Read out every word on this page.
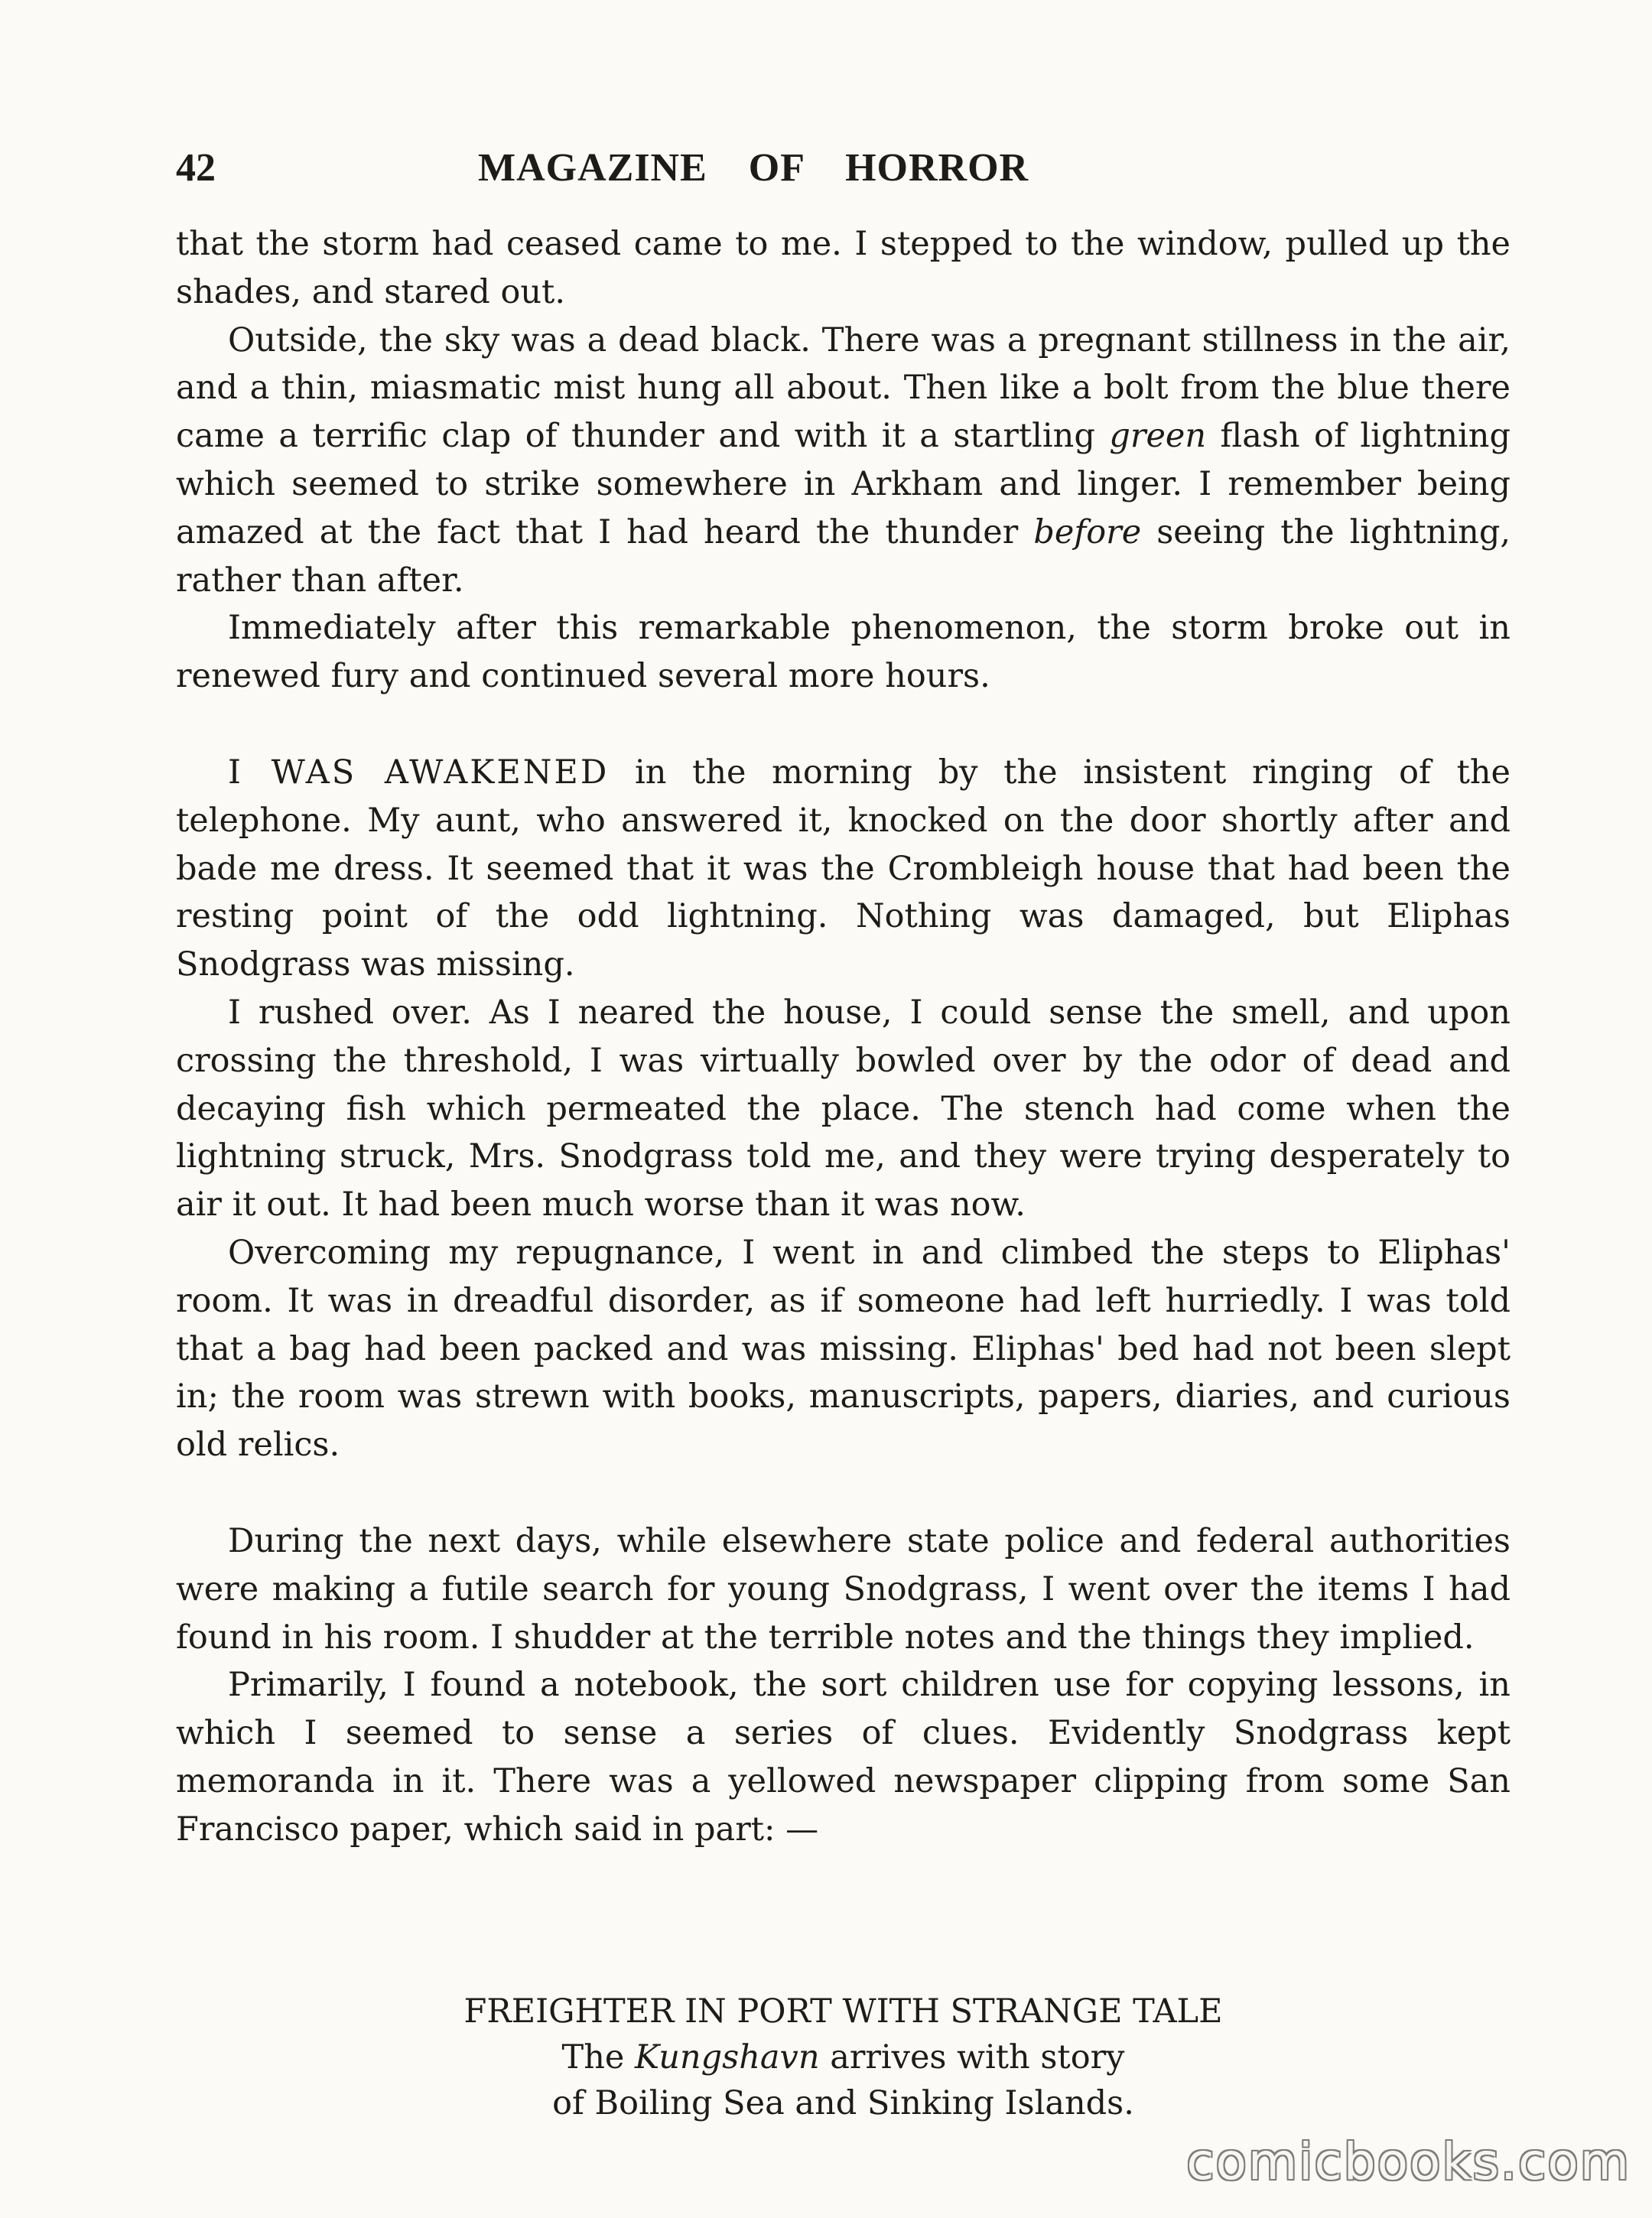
42	MAGAZINE OF HORROR

that the storm had ceased came to me. I stepped to the window, pulled up the shades, and stared out.

Outside, the sky was a dead black. There was a pregnant stillness in the air, and a thin, miasmatic mist hung all about. Then like a bolt from the blue there came a terrific clap of thunder and with it a startling green flash of lightning which seemed to strike somewhere in Arkham and linger. I remember being amazed at the fact that I had heard the thunder before seeing the lightning, rather than after.

Immediately after this remarkable phenomenon, the storm broke out in renewed fury and continued several more hours.

I WAS AWAKENED in the morning by the insistent ringing of the telephone. My aunt, who answered it, knocked on the door shortly after and bade me dress. It seemed that it was the Crombleigh house that had been the resting point of the odd lightning. Nothing was damaged, but Eliphas Snodgrass was missing.

I rushed over. As I neared the house, I could sense the smell, and upon crossing the threshold, I was virtually bowled over by the odor of dead and decaying fish which permeated the place. The stench had come when the lightning struck, Mrs. Snodgrass told me, and they were trying desperately to air it out. It had been much worse than it was now.

Overcoming my repugnance, I went in and climbed the steps to Eliphas' room. It was in dreadful disorder, as if someone had left hurriedly. I was told that a bag had been packed and was missing. Eliphas' bed had not been slept in; the room was strewn with books, manuscripts, papers, diaries, and curious old relics.

During the next days, while elsewhere state police and federal authorities were making a futile search for young Snodgrass, I went over the items I had found in his room. I shudder at the terrible notes and the things they implied.

Primarily, I found a notebook, the sort children use for copying lessons, in which I seemed to sense a series of clues. Evidently Snodgrass kept memoranda in it. There was a yellowed newspaper clipping from some San Francisco paper, which said in part: —

FREIGHTER IN PORT WITH STRANGE TALE
The Kungshavn arrives with story
of Boiling Sea and Sinking Islands.
comicbooks.com
